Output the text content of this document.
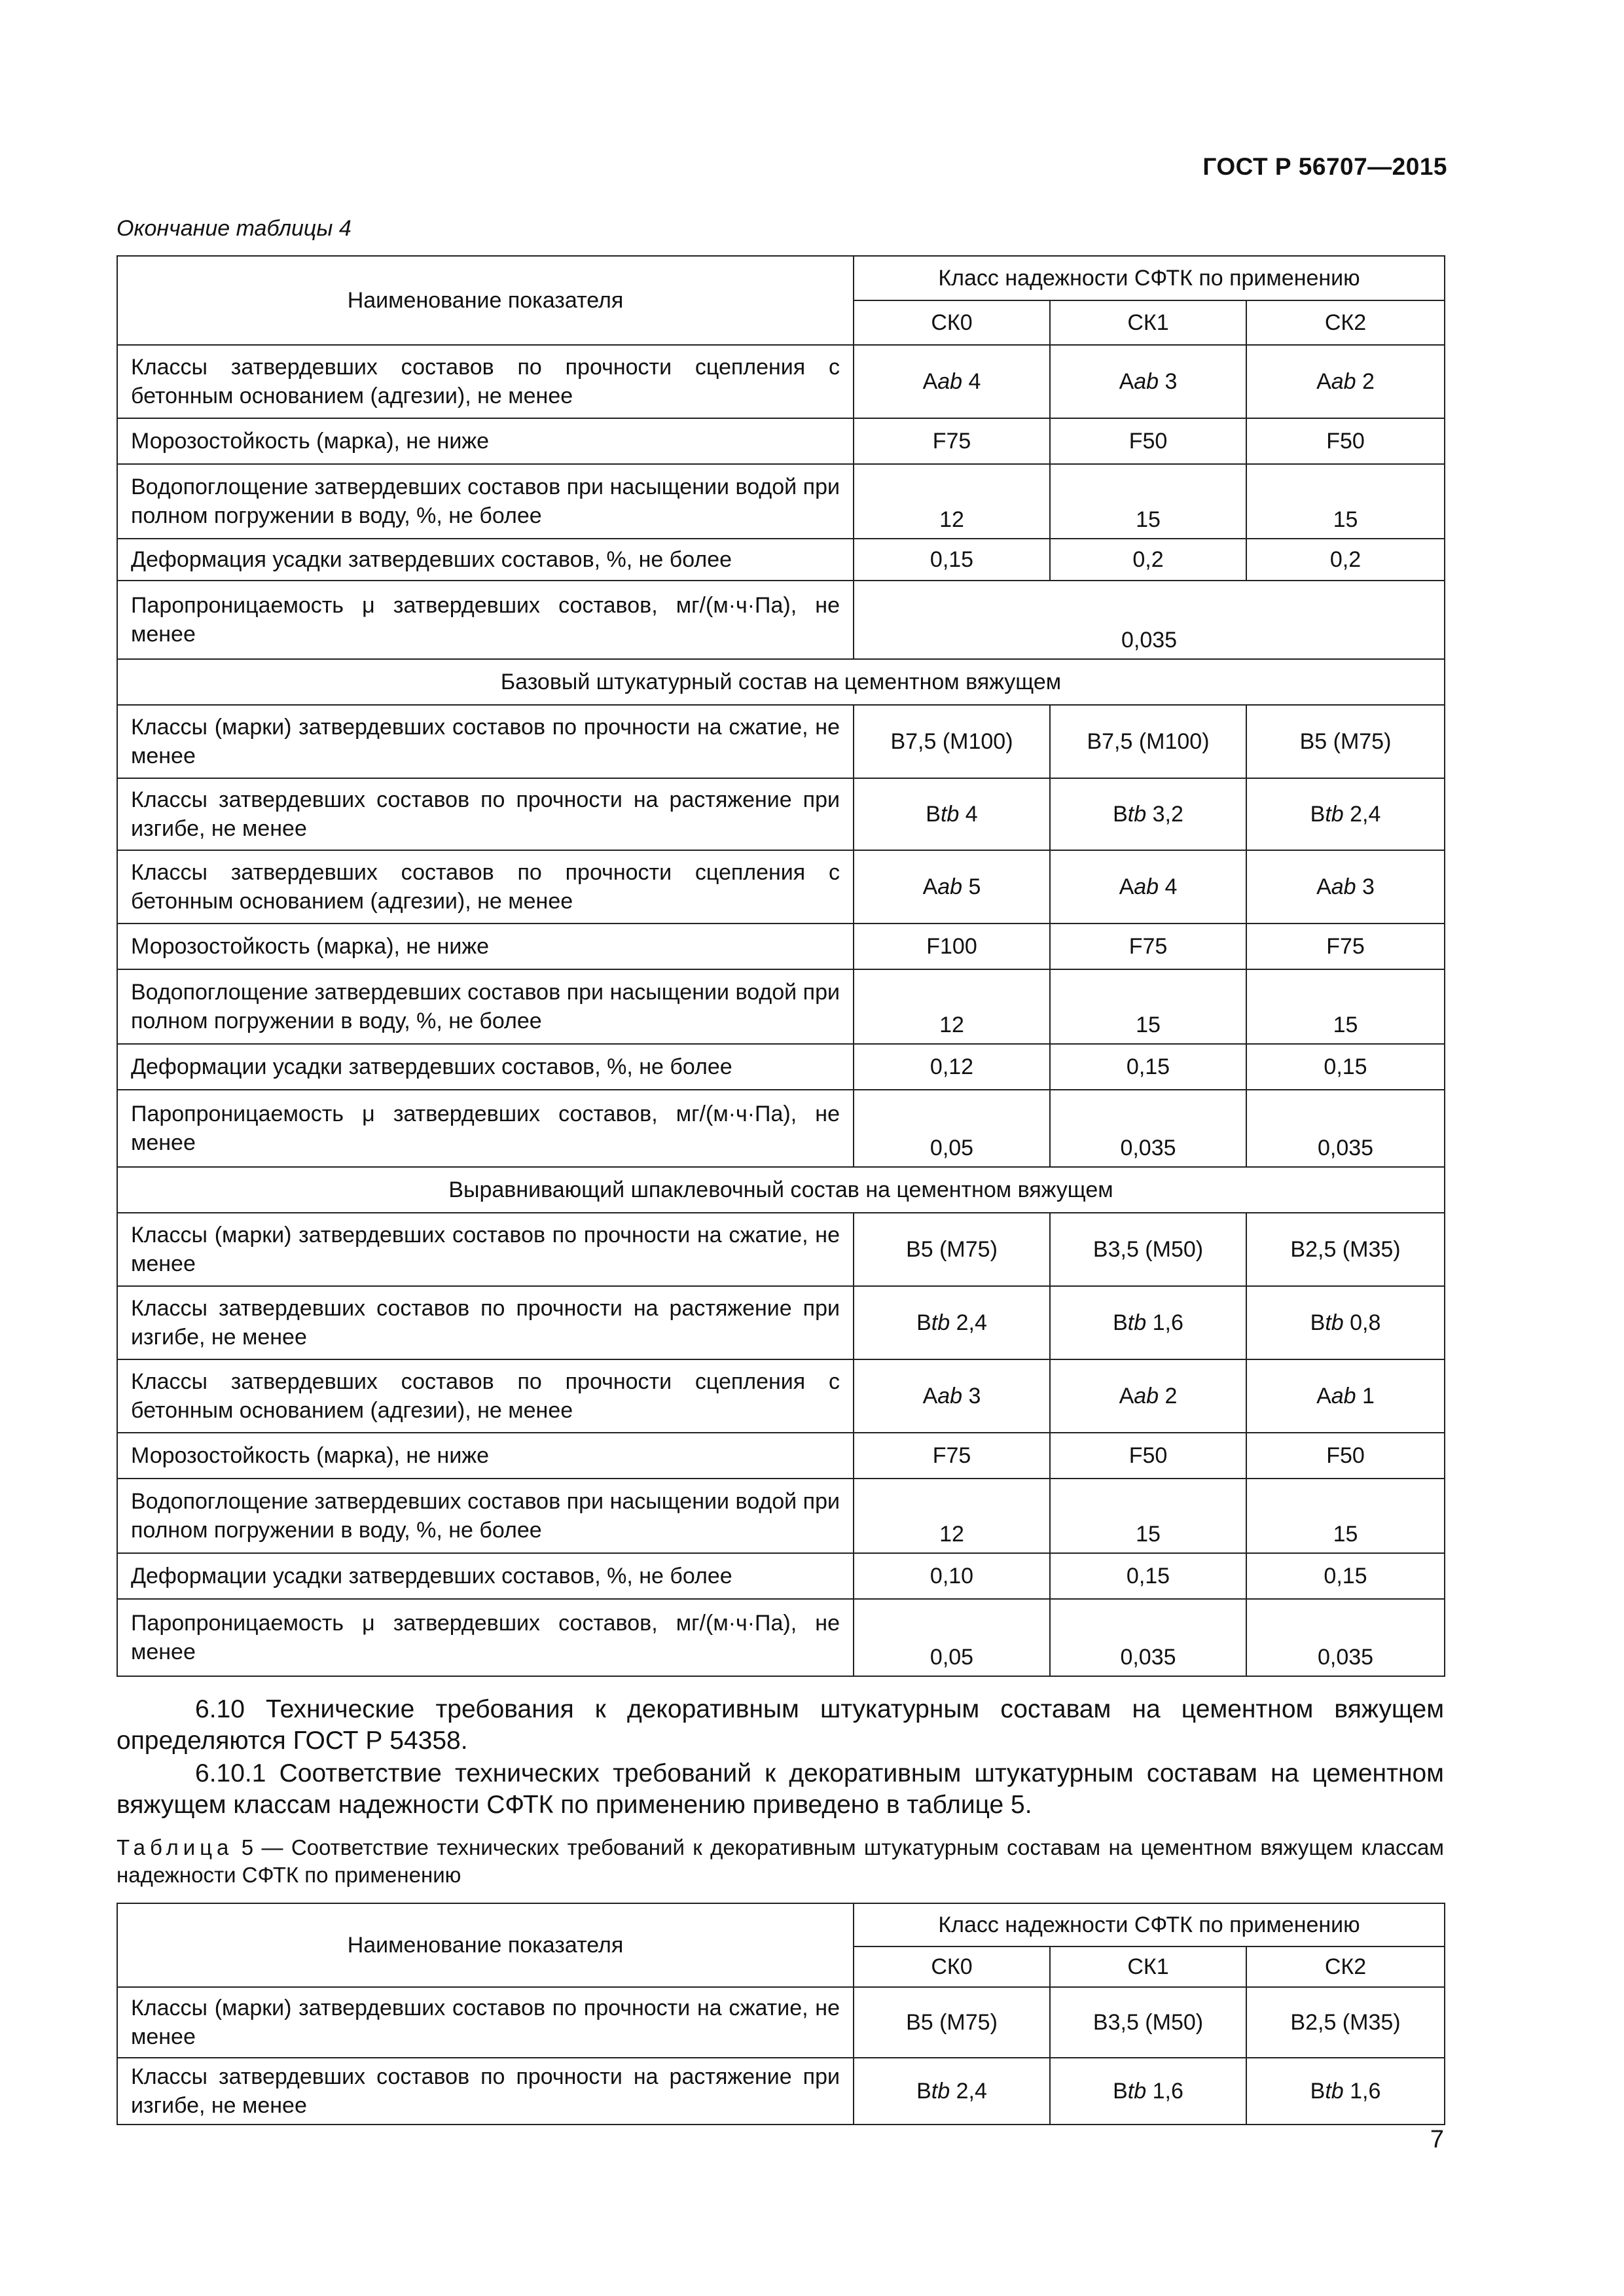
ГОСТ Р 56707—2015
Окончание таблицы 4
Наименование показателя	Класс надежности СФТК по применению		
	СК0	СК1	СК2
Классы затвердевших составов по прочности сцепления с бетонным основанием (адгезии), не менее	Aab 4	Aab 3	Aab 2
Морозостойкость (марка), не ниже	F75	F50	F50
Водопоглощение затвердевших составов при насыщении водой при полном погружении в воду, %, не более	12	15	15
Деформация усадки затвердевших составов, %, не более	0,15	0,2	0,2
Паропроницаемость μ затвердевших составов, мг/(м·ч·Па), не менее	0,035		
Базовый штукатурный состав на цементном вяжущем			
Классы (марки) затвердевших составов по прочности на сжатие, не менее	B7,5 (M100)	B7,5 (M100)	B5 (M75)
Классы затвердевших составов по прочности на растяжение при изгибе, не менее	Btb 4	Btb 3,2	Btb 2,4
Классы затвердевших составов по прочности сцепления с бетонным основанием (адгезии), не менее	Aab 5	Aab 4	Aab 3
Морозостойкость (марка), не ниже	F100	F75	F75
Водопоглощение затвердевших составов при насыщении водой при полном погружении в воду, %, не более	12	15	15
Деформации усадки затвердевших составов, %, не более	0,12	0,15	0,15
Паропроницаемость μ затвердевших составов, мг/(м·ч·Па), не менее	0,05	0,035	0,035
Выравнивающий шпаклевочный состав на цементном вяжущем			
Классы (марки) затвердевших составов по прочности на сжатие, не менее	B5 (M75)	B3,5 (M50)	B2,5 (M35)
Классы затвердевших составов по прочности на растяжение при изгибе, не менее	Btb 2,4	Btb 1,6	Btb 0,8
Классы затвердевших составов по прочности сцепления с бетонным основанием (адгезии), не менее	Aab 3	Aab 2	Aab 1
Морозостойкость (марка), не ниже	F75	F50	F50
Водопоглощение затвердевших составов при насыщении водой при полном погружении в воду, %, не более	12	15	15
Деформации усадки затвердевших составов, %, не более	0,10	0,15	0,15
Паропроницаемость μ затвердевших составов, мг/(м·ч·Па), не менее	0,05	0,035	0,035
6.10 Технические требования к декоративным штукатурным составам на цементном вяжущем определяются ГОСТ Р 54358.
6.10.1 Соответствие технических требований к декоративным штукатурным составам на цементном вяжущем классам надежности СФТК по применению приведено в таблице 5.
Таблица 5 — Соответствие технических требований к декоративным штукатурным составам на цементном вяжущем классам надежности СФТК по применению
Наименование показателя	Класс надежности СФТК по применению		
	СК0	СК1	СК2
Классы (марки) затвердевших составов по прочности на сжатие, не менее	B5 (M75)	B3,5 (M50)	B2,5 (M35)
Классы затвердевших составов по прочности на растяжение при изгибе, не менее	Btb 2,4	Btb 1,6	Btb 1,6
7
